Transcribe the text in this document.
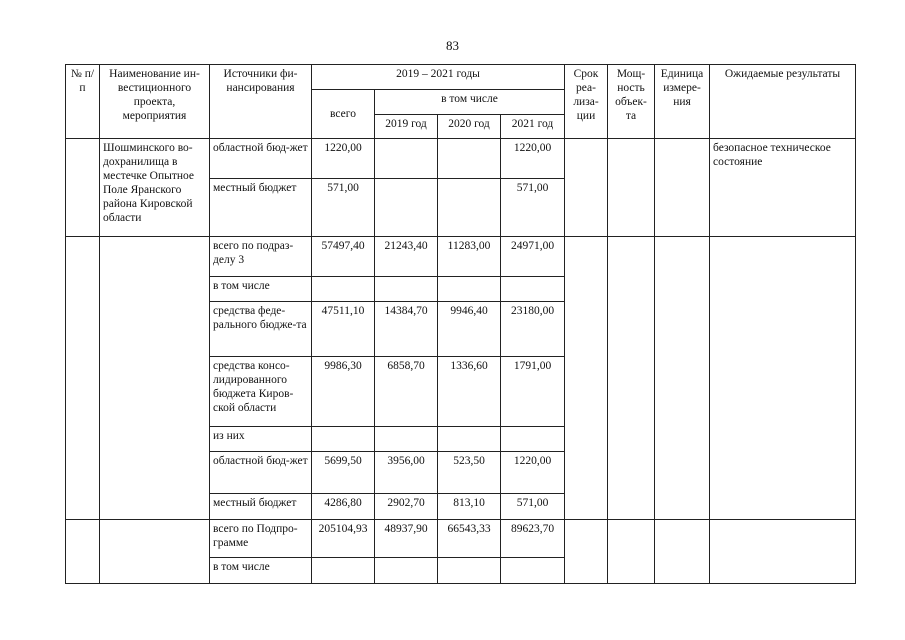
83
№ п/п	Наименование ин-вестиционного проекта, мероприятия	Источники фи-нансирования	2019 – 2021 годы				Срок реа-лиза-ции	Мощ-ность объек-та	Единица измере-ния	Ожидаемые результаты
			всего	в том числе						
				2019 год	2020 год	2021 год				
	Шошминского во-дохранилища в местечке Опытное Поле Яранского района Кировской области	областной бюд-жет	1220,00			1220,00				безопасное техническое состояние
		местный бюджет	571,00			571,00				
		всего по подраз-делу 3	57497,40	21243,40	11283,00	24971,00				
		в том числе								
		средства феде-рального бюдже-та	47511,10	14384,70	9946,40	23180,00				
		средства консо-лидированного бюджета Киров-ской области	9986,30	6858,70	1336,60	1791,00				
		из них								
		областной бюд-жет	5699,50	3956,00	523,50	1220,00				
		местный бюджет	4286,80	2902,70	813,10	571,00				
		всего по Подпро-грамме	205104,93	48937,90	66543,33	89623,70				
		в том числе								
